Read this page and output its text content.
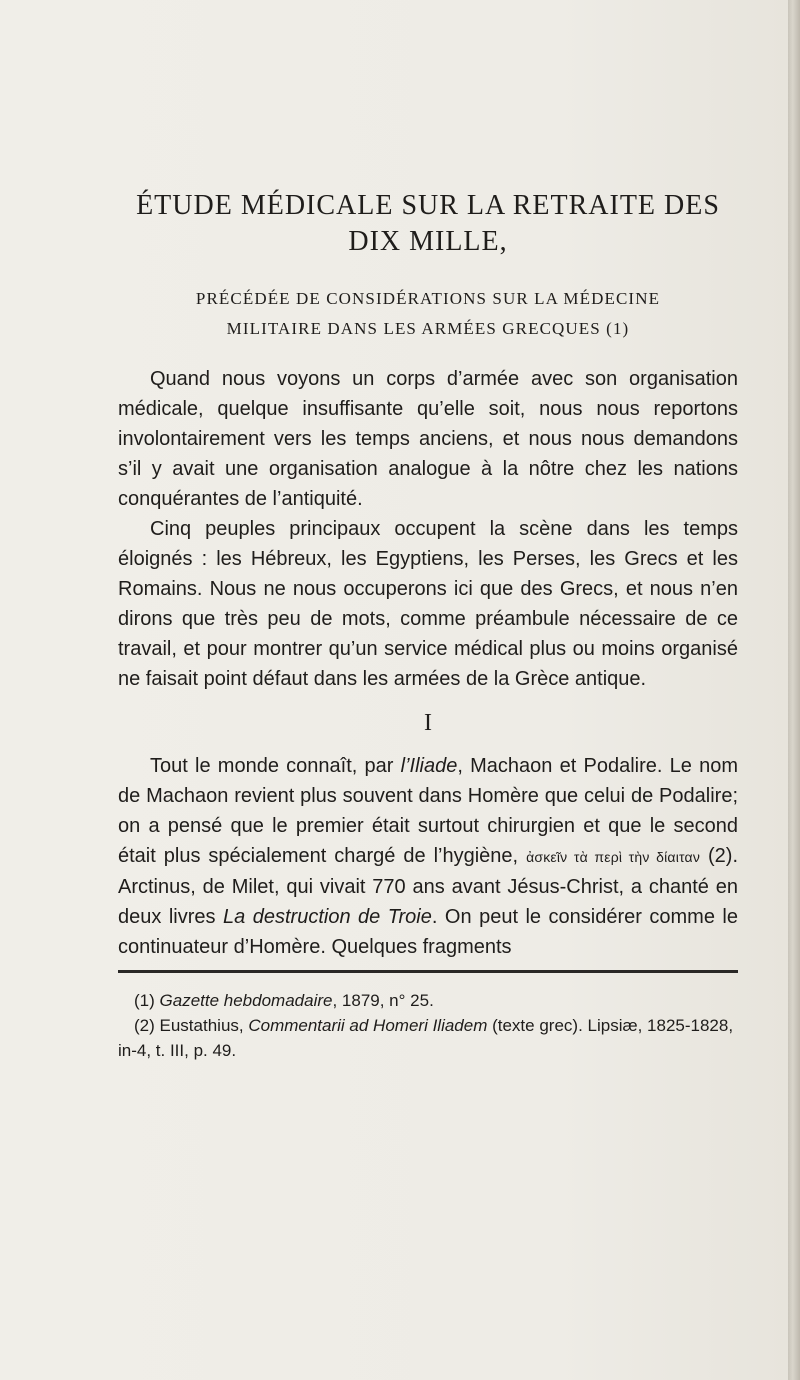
ÉTUDE MÉDICALE SUR LA RETRAITE DES
DIX MILLE,
PRÉCÉDÉE DE CONSIDÉRATIONS SUR LA MÉDECINE
MILITAIRE DANS LES ARMÉES GRECQUES (1)

Quand nous voyons un corps d’armée avec son organisation médicale, quelque insuffisante qu’elle soit, nous nous reportons involontairement vers les temps anciens, et nous nous demandons s’il y avait une organisation analogue à la nôtre chez les nations conquérantes de l’antiquité.

Cinq peuples principaux occupent la scène dans les temps éloignés : les Hébreux, les Egyptiens, les Perses, les Grecs et les Romains. Nous ne nous occuperons ici que des Grecs, et nous n’en dirons que très peu de mots, comme préambule nécessaire de ce travail, et pour montrer qu’un service médical plus ou moins organisé ne faisait point défaut dans les armées de la Grèce antique.

I

Tout le monde connaît, par l’Iliade, Machaon et Podalire. Le nom de Machaon revient plus souvent dans Homère que celui de Podalire; on a pensé que le premier était surtout chirurgien et que le second était plus spécialement chargé de l’hygiène, ἀσκεῖν τὰ περὶ τὴν δίαιταν (2). Arctinus, de Milet, qui vivait 770 ans avant Jésus-Christ, a chanté en deux livres La destruction de Troie. On peut le considérer comme le continuateur d’Homère. Quelques fragments

(1) Gazette hebdomadaire, 1879, n° 25.

(2) Eustathius, Commentarii ad Homeri Iliadem (texte grec). Lipsiæ, 1825-1828, in-4, t. III, p. 49.
